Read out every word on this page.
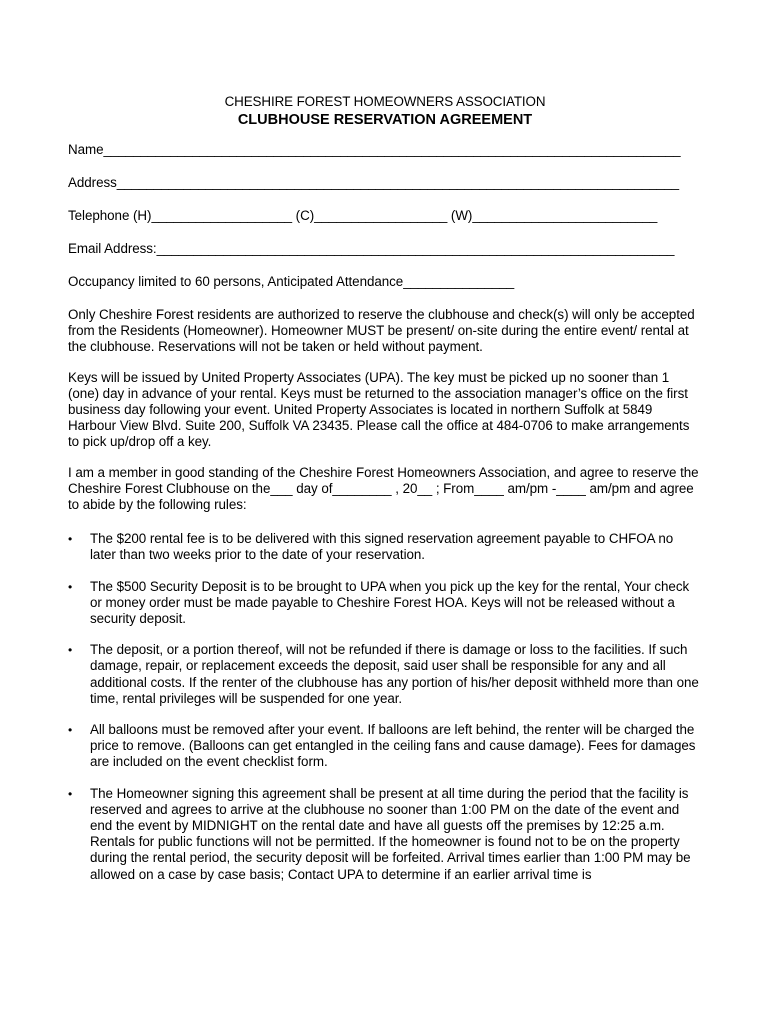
CHESHIRE FOREST HOMEOWNERS ASSOCIATION
CLUBHOUSE RESERVATION AGREEMENT
Name______________________________________________________________________________
Address____________________________________________________________________________
Telephone (H)___________________ (C)__________________ (W)_________________________
Email Address:______________________________________________________________________
Occupancy limited to 60 persons, Anticipated Attendance_______________

Only Cheshire Forest residents are authorized to reserve the clubhouse and check(s) will only be accepted from the Residents (Homeowner). Homeowner MUST be present/ on-site during the entire event/ rental at the clubhouse. Reservations will not be taken or held without payment.

Keys will be issued by United Property Associates (UPA). The key must be picked up no sooner than 1 (one) day in advance of your rental. Keys must be returned to the association manager’s office on the first business day following your event. United Property Associates is located in northern Suffolk at 5849 Harbour View Blvd. Suite 200, Suffolk VA 23435. Please call the office at 484-0706 to make arrangements to pick up/drop off a key.

I am a member in good standing of the Cheshire Forest Homeowners Association, and agree to reserve the Cheshire Forest Clubhouse on the___ day of________ , 20__ ; From____ am/pm -____ am/pm and agree to abide by the following rules:

•	The $200 rental fee is to be delivered with this signed reservation agreement payable to CHFOA no later than two weeks prior to the date of your reservation.
•	The $500 Security Deposit is to be brought to UPA when you pick up the key for the rental, Your check or money order must be made payable to Cheshire Forest HOA. Keys will not be released without a security deposit.
•	The deposit, or a portion thereof, will not be refunded if there is damage or loss to the facilities. If such damage, repair, or replacement exceeds the deposit, said user shall be responsible for any and all additional costs. If the renter of the clubhouse has any portion of his/her deposit withheld more than one time, rental privileges will be suspended for one year.
•	All balloons must be removed after your event. If balloons are left behind, the renter will be charged the price to remove. (Balloons can get entangled in the ceiling fans and cause damage). Fees for damages are included on the event checklist form.
•	The Homeowner signing this agreement shall be present at all time during the period that the facility is reserved and agrees to arrive at the clubhouse no sooner than 1:00 PM on the date of the event and end the event by MIDNIGHT on the rental date and have all guests off the premises by 12:25 a.m. Rentals for public functions will not be permitted. If the homeowner is found not to be on the property during the rental period, the security deposit will be forfeited. Arrival times earlier than 1:00 PM may be allowed on a case by case basis; Contact UPA to determine if an earlier arrival time is
